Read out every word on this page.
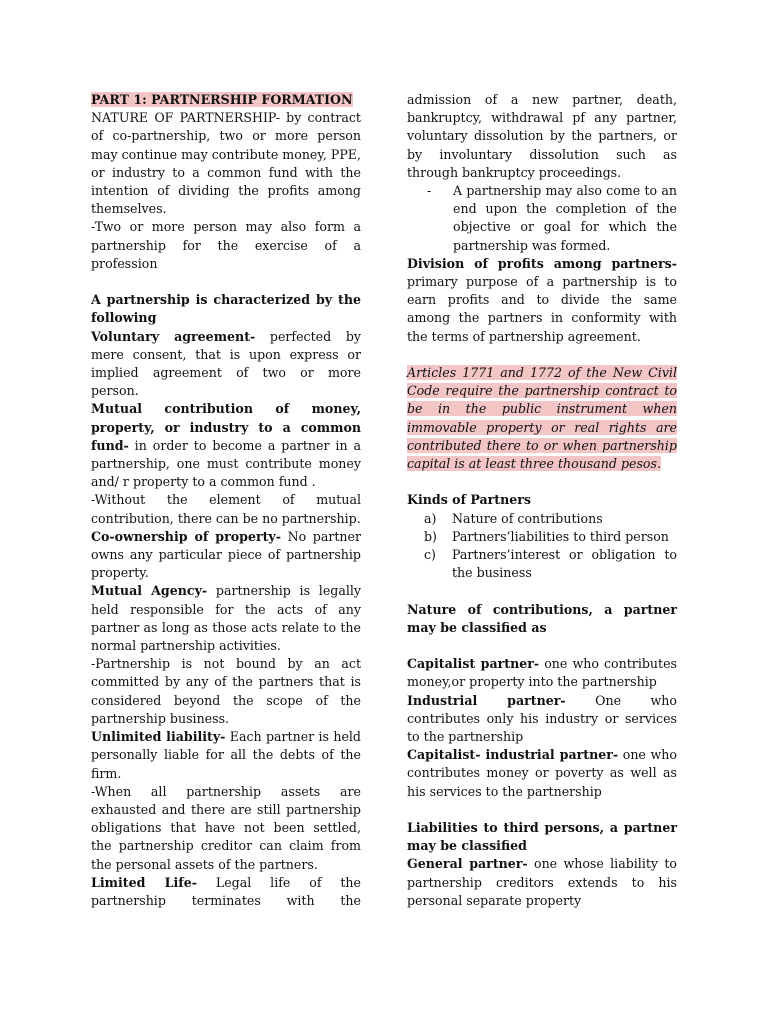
PART 1: PARTNERSHIP FORMATION

NATURE OF PARTNERSHIP- by contract of co-partnership, two or more person may continue may contribute money, PPE, or industry to a common fund with the intention of dividing the profits among themselves.

-Two or more person may also form a partnership for the exercise of a profession

A partnership is characterized by the following

Voluntary agreement- perfected by mere consent, that is upon express or implied agreement of two or more person.

Mutual contribution of money, property, or industry to a common fund- in order to become a partner in a partnership, one must contribute money and/ r property to a common fund .

-Without the element of mutual contribution, there can be no partnership.

Co-ownership of property- No partner owns any particular piece of partnership property.

Mutual Agency- partnership is legally held responsible for the acts of any partner as long as those acts relate to the normal partnership activities.

-Partnership is not bound by an act committed by any of the partners that is considered beyond the scope of the partnership business.

Unlimited liability- Each partner is held personally liable for all the debts of the firm.

-When all partnership assets are exhausted and there are still partnership obligations that have not been settled, the partnership creditor can claim from the personal assets of the partners.

Limited Life- Legal life of the partnership terminates with the

admission of a new partner, death, bankruptcy, withdrawal pf any partner, voluntary dissolution by the partners, or by involuntary dissolution such as through bankruptcy proceedings.

-	A partnership may also come to an end upon the completion of the objective or goal for which the partnership was formed.

Division of profits among partners-primary purpose of a partnership is to earn profits and to divide the same among the partners in conformity with the terms of partnership agreement.

Articles 1771 and 1772 of the New Civil Code require the partnership contract to be in the public instrument when immovable property or real rights are contributed there to or when partnership capital is at least three thousand pesos.

Kinds of Partners

a)	Nature of contributions
b)	Partners’liabilities to third person
c)	Partners’interest or obligation to the business

Nature of contributions, a partner may be classified as

Capitalist partner- one who contributes money,or property into the partnership

Industrial partner- One who contributes only his industry or services to the partnership

Capitalist- industrial partner- one who contributes money or poverty as well as his services to the partnership

Liabilities to third persons, a partner may be classified

General partner- one whose liability to partnership creditors extends to his personal separate property
